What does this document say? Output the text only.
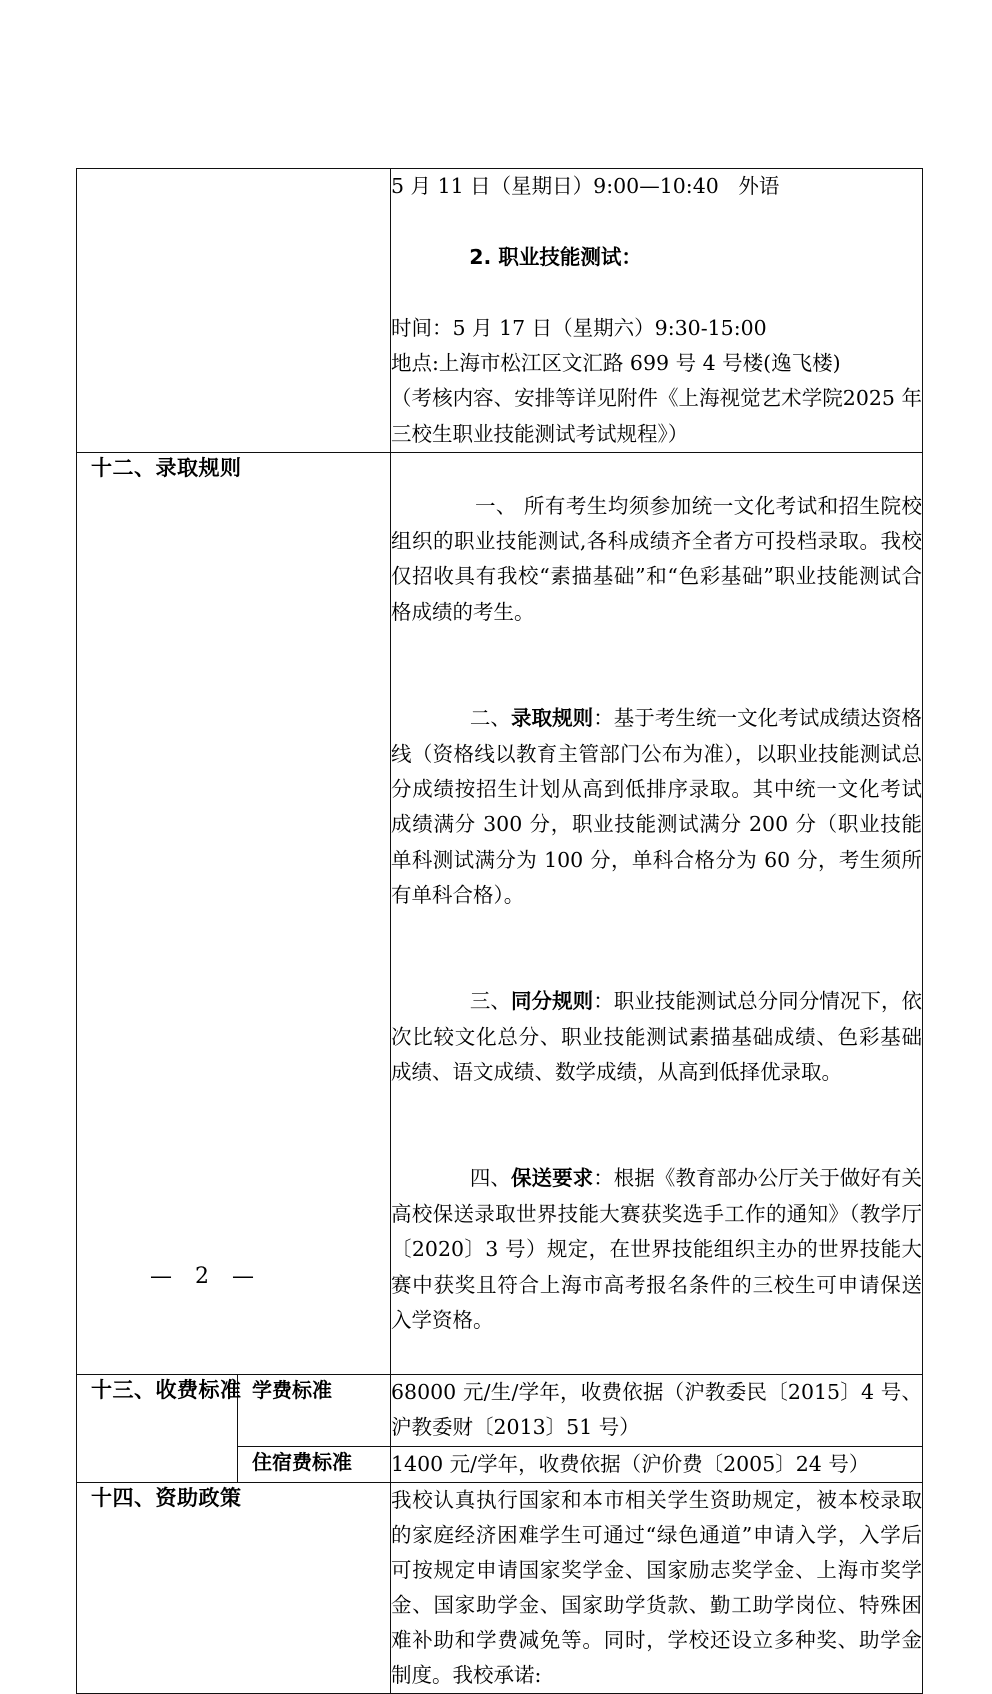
		5 月 11 日（星期日）9:00—10:40   外语

2. 职业技能测试：

时间：5 月 17 日（星期六）9:30-15:00

地点:上海市松江区文汇路 699 号 4 号楼(逸飞楼)

（考核内容、安排等详见附件《上海视觉艺术学院2025 年三校生职业技能测试考试规程》）

十二、录取规则		一、 所有考生均须参加统一文化考试和招生院校组织的职业技能测试,各科成绩齐全者方可投档录取。我校仅招收具有我校“素描基础”和“色彩基础”职业技能测试合格成绩的考生。

二、录取规则：基于考生统一文化考试成绩达资格线（资格线以教育主管部门公布为准），以职业技能测试总分成绩按招生计划从高到低排序录取。其中统一文化考试成绩满分 300 分，职业技能测试满分 200 分（职业技能单科测试满分为 100 分，单科合格分为 60 分，考生须所有单科合格）。

三、同分规则：职业技能测试总分同分情况下，依次比较文化总分、职业技能测试素描基础成绩、色彩基础成绩、语文成绩、数学成绩，从高到低择优录取。

四、保送要求：根据《教育部办公厅关于做好有关高校保送录取世界技能大赛获奖选手工作的通知》（教学厅〔2020〕3 号）规定，在世界技能组织主办的世界技能大赛中获奖且符合上海市高考报名条件的三校生可申请保送入学资格。

十三、收费标准	学费标准	68000 元/生/学年，收费依据（沪教委民〔2015〕4 号、沪教委财〔2013〕51 号）

	住宿费标准	1400 元/学年，收费依据（沪价费〔2005〕24 号）

十四、资助政策		我校认真执行国家和本市相关学生资助规定，被本校录取的家庭经济困难学生可通过“绿色通道”申请入学，入学后可按规定申请国家奖学金、国家励志奖学金、上海市奖学金、国家助学金、国家助学货款、勤工助学岗位、特殊困难补助和学费减免等。同时，学校还设立多种奖、助学金制度。我校承诺:

—  2  —
